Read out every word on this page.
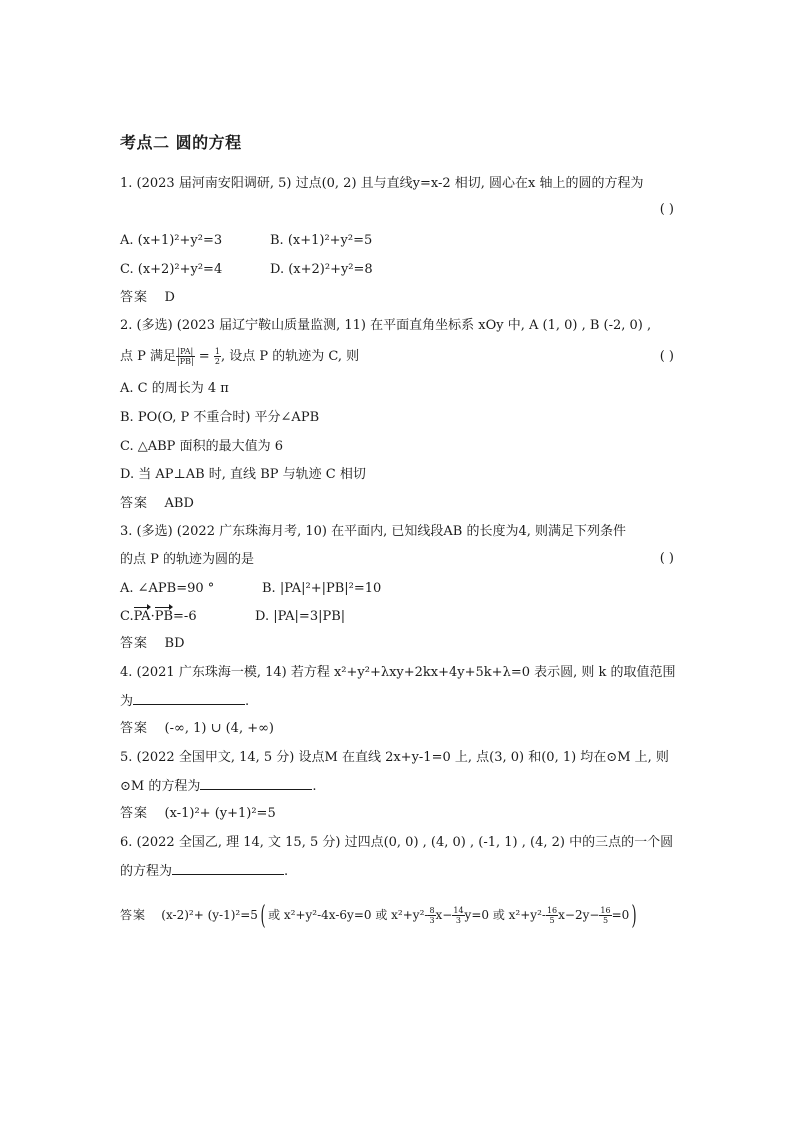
考点二 圆的方程
1. (2023 届河南安阳调研, 5) 过点(0, 2) 且与直线y=x-2 相切, 圆心在x 轴上的圆的方程为
( )
A. (x+1)²+y²=3	B. (x+1)²+y²=5
C. (x+2)²+y²=4	D. (x+2)²+y²=8
答案 D
2. (多选) (2023 届辽宁鞍山质量监测, 11) 在平面直角坐标系 xOy 中, A (1, 0) , B (-2, 0) ,
点 P 满足 $\frac{|PA|}{|PB|} = \frac{1}{2}$ , 设点 P 的轨迹为 C, 则	( )
A. C 的周长为 4 π
B. PO(O, P 不重合时) 平分∠APB
C. △ABP 面积的最大值为 6
D. 当 AP⊥AB 时, 直线 BP 与轨迹 C 相切
答案 ABD
3. (多选) (2022 广东珠海月考, 10) 在平面内, 已知线段AB 的长度为4, 则满足下列条件
的点 P 的轨迹为圆的是	( )
A. ∠APB=90 °	B. |PA|²+|PB|²=10
C.PA·PB=-6	D. |PA|=3|PB|
答案 BD
4. (2021 广东珠海一模, 14) 若方程 x²+y²+λxy+2kx+4y+5k+λ=0 表示圆, 则 k 的取值范围
为	.
答案 (-∞, 1) ∪ (4, +∞)
5. (2022 全国甲文, 14, 5 分) 设点M 在直线 2x+y-1=0 上, 点(3, 0) 和(0, 1) 均在⊙M 上, 则
⊙M 的方程为	.
答案 (x-1)²+ (y+1)²=5
6. (2022 全国乙, 理 14, 文 15, 5 分) 过四点(0, 0) , (4, 0) , (-1, 1) , (4, 2) 中的三点的一个圆
的方程为	.
答案 (x-2)²+ (y-1)²=5( 或 x²+y²-4x-6y=0 或 $x^2+y^2- \frac{8}{3} x- \frac{14}{3} y=0$ 或 $x^2+y^2- \frac{16}{5} x-2y- \frac{16}{5} =0$)
